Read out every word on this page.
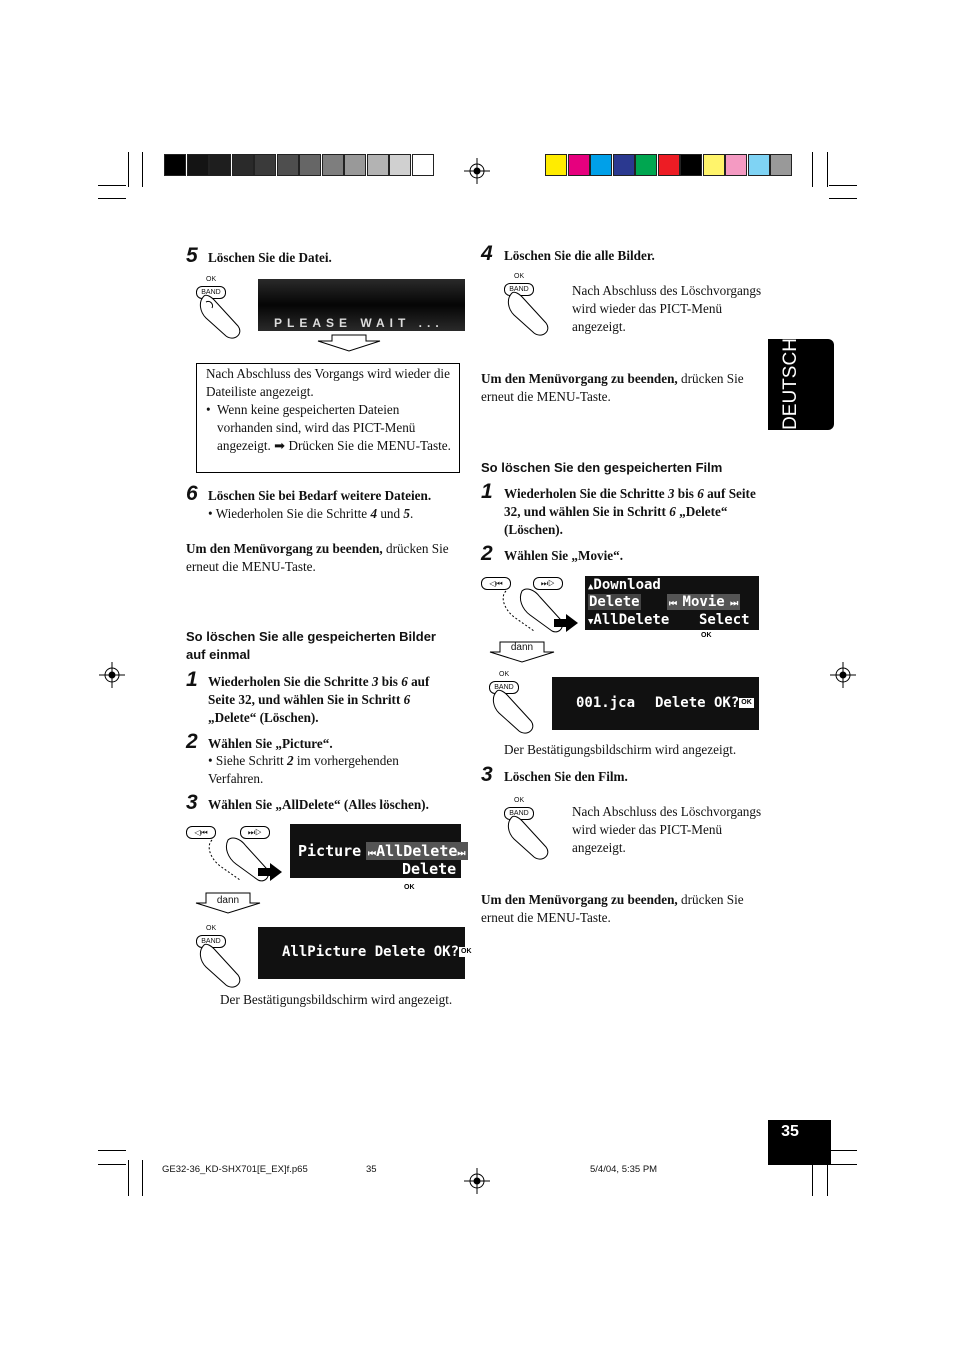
DEUTSCH
35
5 Löschen Sie die Datei.
OK
BAND
PLEASE WAIT ...
Nach Abschluss des Vorgangs wird wieder die Dateiliste angezeigt.
• Wenn keine gespeicherten Dateien vorhanden sind, wird das PICT-Menü angezeigt. ➡ Drücken Sie die MENU-Taste.
6 Löschen Sie bei Bedarf weitere Dateien.
• Wiederholen Sie die Schritte 4 und 5.
Um den Menüvorgang zu beenden, drücken Sie erneut die MENU-Taste.
So löschen Sie alle gespeicherten Bilder auf einmal
1 Wiederholen Sie die Schritte 3 bis 6 auf Seite 32, und wählen Sie in Schritt 6 „Delete“ (Löschen).
2 Wählen Sie „Picture“.
• Siehe Schritt 2 im vorhergehenden Verfahren.
3 Wählen Sie „AllDelete“ (Alles löschen).
◁⏮	⏭▷
Picture ⏮AllDelete⏭
DeleteOK
dann
OK
BAND
AllPicture Delete OK? OK
Der Bestätigungsbildschirm wird angezeigt.
4 Löschen Sie die alle Bilder.
OK
BAND	Nach Abschluss des Löschvorgangs wird wieder das PICT-Menü angezeigt.
Um den Menüvorgang zu beenden, drücken Sie erneut die MENU-Taste.
So löschen Sie den gespeicherten Film
1 Wiederholen Sie die Schritte 3 bis 6 auf Seite 32, und wählen Sie in Schritt 6 „Delete“ (Löschen).
2 Wählen Sie „Movie“.
◁⏮	⏭▷	▲Download
Delete
▼AllDelete
⏮ Movie ⏭
SelectOK
dann
OK
BAND
001.jca Delete OK? OK
Der Bestätigungsbildschirm wird angezeigt.
3 Löschen Sie den Film.
OK
BAND	Nach Abschluss des Löschvorgangs wird wieder das PICT-Menü angezeigt.
Um den Menüvorgang zu beenden, drücken Sie erneut die MENU-Taste.
GE32-36_KD-SHX701[E_EX]f.p65	35	5/4/04, 5:35 PM
